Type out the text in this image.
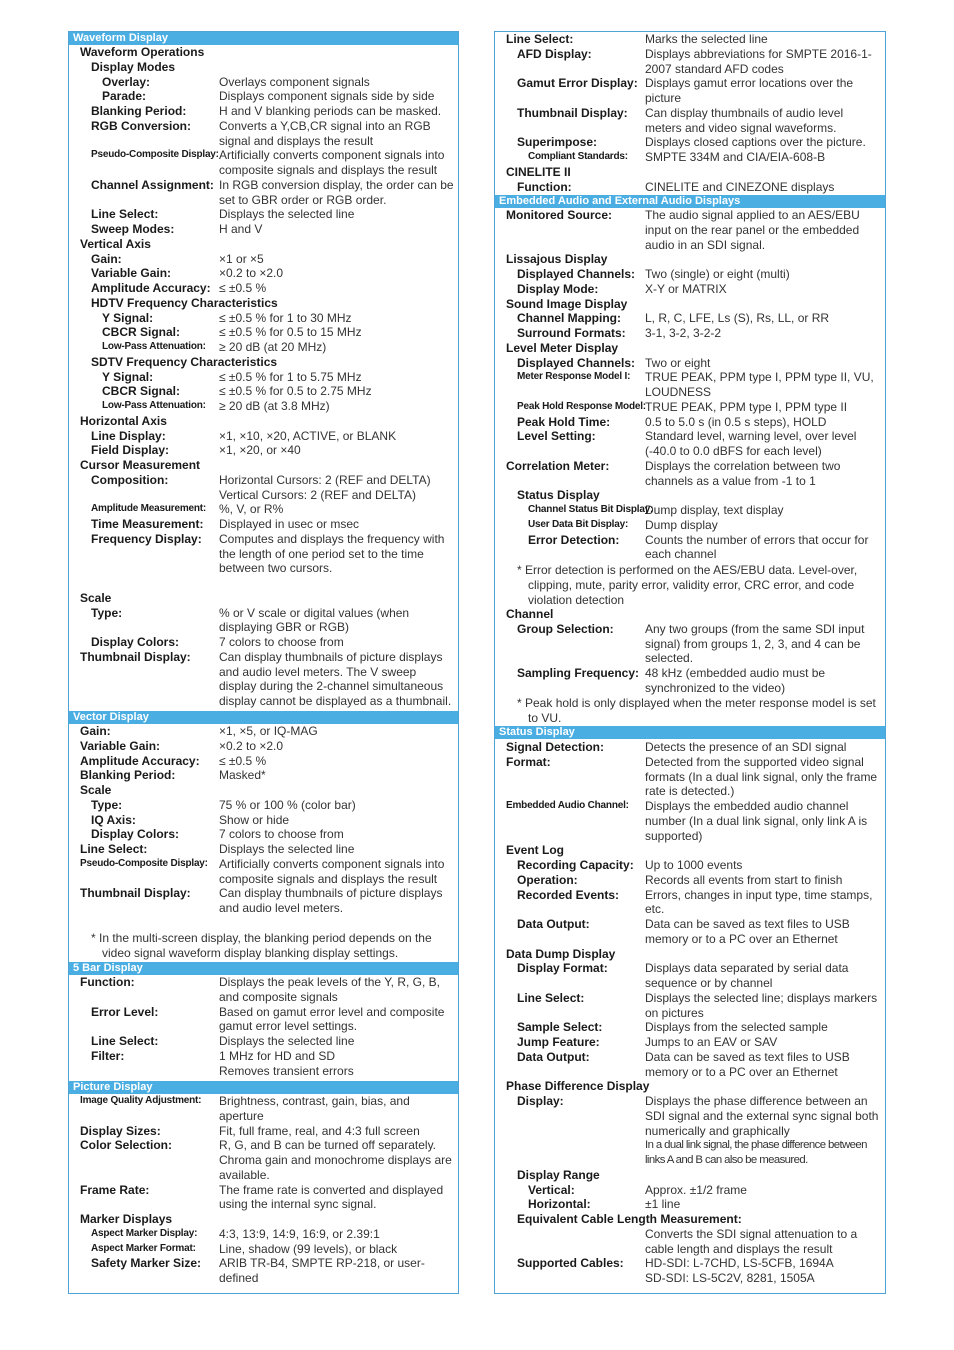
Waveform Display
Waveform Operations
Display Modes
Overlay:	Overlays component signals
Parade:	Displays component signals side by side
Blanking Period:	H and V blanking periods can be masked.
RGB Conversion: Converts a Y,CB,CR signal into an RGB signal and displays the result
Pseudo-Composite Display: Artificially converts component signals into composite signals and displays the result
Channel Assignment: In RGB conversion display, the order can be set to GBR order or RGB order.
Line Select:	Displays the selected line
Sweep Modes:	H and V
Vertical Axis
Gain:	×1 or ×5
Variable Gain:	×0.2 to ×2.0
Amplitude Accuracy: ≤ ±0.5 %
HDTV Frequency Characteristics
Y Signal:	≤ ±0.5 % for 1 to 30 MHz
CBCR Signal:	≤ ±0.5 % for 0.5 to 15 MHz
Low-Pass Attenuation: ≥ 20 dB (at 20 MHz)
SDTV Frequency Characteristics
Y Signal:	≤ ±0.5 % for 1 to 5.75 MHz
CBCR Signal:	≤ ±0.5 % for 0.5 to 2.75 MHz
Low-Pass Attenuation: ≥ 20 dB (at 3.8 MHz)
Horizontal Axis
Line Display:	×1, ×10, ×20, ACTIVE, or BLANK
Field Display:	×1, ×20, or ×40
Cursor Measurement
Composition:	Horizontal Cursors: 2 (REF and DELTA)
Vertical Cursors: 2 (REF and DELTA)
Amplitude Measurement: %, V, or R%
Time Measurement: Displayed in usec or msec
Frequency Display: Computes and displays the frequency with the length of one period set to the time between two cursors.
Scale
Type:	% or V scale or digital values (when displaying GBR or RGB)
Display Colors:	7 colors to choose from
Thumbnail Display: Can display thumbnails of picture displays and audio level meters. The V sweep display during the 2-channel simultaneous display cannot be displayed as a thumbnail.
Vector Display
Gain:	×1, ×5, or IQ-MAG
Variable Gain:	×0.2 to ×2.0
Amplitude Accuracy: ≤ ±0.5 %
Blanking Period:	Masked*
Scale
Type:	75 % or 100 % (color bar)
IQ Axis:	Show or hide
Display Colors:	7 colors to choose from
Line Select:	Displays the selected line
Pseudo-Composite Display: Artificially converts component signals into composite signals and displays the result
Thumbnail Display: Can display thumbnails of picture displays and audio level meters.
* In the multi-screen display, the blanking period depends on the video signal waveform display blanking display settings.
5 Bar Display
Function:	Displays the peak levels of the Y, R, G, B, and composite signals
Error Level:	Based on gamut error level and composite gamut error level settings.
Line Select:	Displays the selected line
Filter:	1 MHz for HD and SD
Removes transient errors
Picture Display
Image Quality Adjustment: Brightness, contrast, gain, bias, and aperture
Display Sizes:	Fit, full frame, real, and 4:3 full screen
Color Selection:	R, G, and B can be turned off separately. Chroma gain and monochrome displays are available.
Frame Rate:	The frame rate is converted and displayed using the internal sync signal.
Marker Displays
Aspect Marker Display: 4:3, 13:9, 14:9, 16:9, or 2.39:1
Aspect Marker Format: Line, shadow (99 levels), or black
Safety Marker Size: ARIB TR-B4, SMPTE RP-218, or user-defined
Line Select:	Marks the selected line
AFD Display:	Displays abbreviations for SMPTE 2016-1-2007 standard AFD codes
Gamut Error Display: Displays gamut error locations over the picture
Thumbnail Display: Can display thumbnails of audio level meters and video signal waveforms.
Superimpose:	Displays closed captions over the picture.
Compliant Standards: SMPTE 334M and CIA/EIA-608-B
CINELITE II
Function:	CINELITE and CINEZONE displays
Embedded Audio and External Audio Displays
Monitored Source:	The audio signal applied to an AES/EBU input on the rear panel or the embedded audio in an SDI signal.
Lissajous Display
Displayed Channels: Two (single) or eight (multi)
Display Mode:	X-Y or MATRIX
Sound Image Display
Channel Mapping: L, R, C, LFE, Ls (S), Rs, LL, or RR
Surround Formats: 3-1, 3-2, 3-2-2
Level Meter Display
Displayed Channels: Two or eight
Meter Response Model I: TRUE PEAK, PPM type I, PPM type II, VU, LOUDNESS
Peak Hold Response Model: TRUE PEAK, PPM type I, PPM type II
Peak Hold Time:	0.5 to 5.0 s (in 0.5 s steps), HOLD
Level Setting:	Standard level, warning level, over level (-40.0 to 0.0 dBFS for each level)
Correlation Meter:	Displays the correlation between two channels as a value from -1 to 1
Status Display
Channel Status Bit Display:
Dump display, text display
User Data Bit Display: Dump display
Error Detection: Counts the number of errors that occur for each channel
* Error detection is performed on the AES/EBU data. Level-over, clipping, mute, parity error, validity error, CRC error, and code violation detection
Channel
Group Selection:	Any two groups (from the same SDI input signal) from groups 1, 2, 3, and 4 can be selected.
Sampling Frequency: 48 kHz (embedded audio must be synchronized to the video)
* Peak hold is only displayed when the meter response model is set to VU.
Status Display
Signal Detection:	Detects the presence of an SDI signal
Format:	Detected from the supported video signal formats (In a dual link signal, only the frame rate is detected.)
Embedded Audio Channel: Displays the embedded audio channel number (In a dual link signal, only link A is supported)
Event Log
Recording Capacity: Up to 1000 events
Operation:	Records all events from start to finish
Recorded Events: Errors, changes in input type, time stamps, etc.
Data Output:	Data can be saved as text files to USB memory or to a PC over an Ethernet
Data Dump Display
Display Format:	Displays data separated by serial data sequence or by channel
Line Select:	Displays the selected line; displays markers on pictures
Sample Select:	Displays from the selected sample
Jump Feature:	Jumps to an EAV or SAV
Data Output:	Data can be saved as text files to USB memory or to a PC over an Ethernet
Phase Difference Display
Display:	Displays the phase difference between an SDI signal and the external sync signal both numerically and graphically
In a dual link signal, the phase difference between links A and B can also be measured.
Display Range
Vertical:	Approx. ±1/2 frame
Horizontal:	±1 line
Equivalent Cable Length Measurement:
Converts the SDI signal attenuation to a cable length and displays the result
Supported Cables: HD-SDI: L-7CHD, LS-5CFB, 1694A
SD-SDI: LS-5C2V, 8281, 1505A
